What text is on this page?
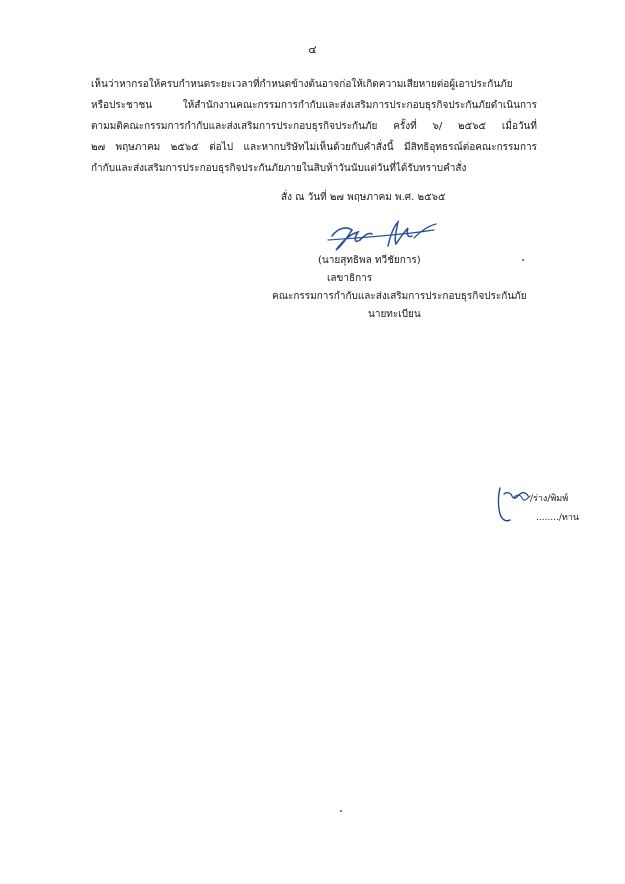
๔
เห็นว่าหากรอให้ครบกำหนดระยะเวลาที่กำหนดข้างต้นอาจก่อให้เกิดความเสียหายต่อผู้เอาประกันภัย
หรือประชาชน ให้สำนักงานคณะกรรมการกำกับและส่งเสริมการประกอบธุรกิจประกันภัยดำเนินการ
ตามมติคณะกรรมการกำกับและส่งเสริมการประกอบธุรกิจประกันภัย ครั้งที่ ๖/ ๒๕๖๕ เมื่อวันที่
๒๗ พฤษภาคม ๒๕๖๕ ต่อไป และหากบริษัทไม่เห็นด้วยกับคำสั่งนี้ มีสิทธิอุทธรณ์ต่อคณะกรรมการ
กำกับและส่งเสริมการประกอบธุรกิจประกันภัยภายในสิบห้าวันนับแต่วันที่ได้รับทราบคำสั่ง
สั่ง ณ วันที่ ๒๗ พฤษภาคม พ.ศ. ๒๕๖๕
(นายสุทธิพล ทวีชัยการ)
เลขาธิการ
คณะกรรมการกำกับและส่งเสริมการประกอบธุรกิจประกันภัย
นายทะเบียน
/ร่าง/พิมพ์
......../ทาน
